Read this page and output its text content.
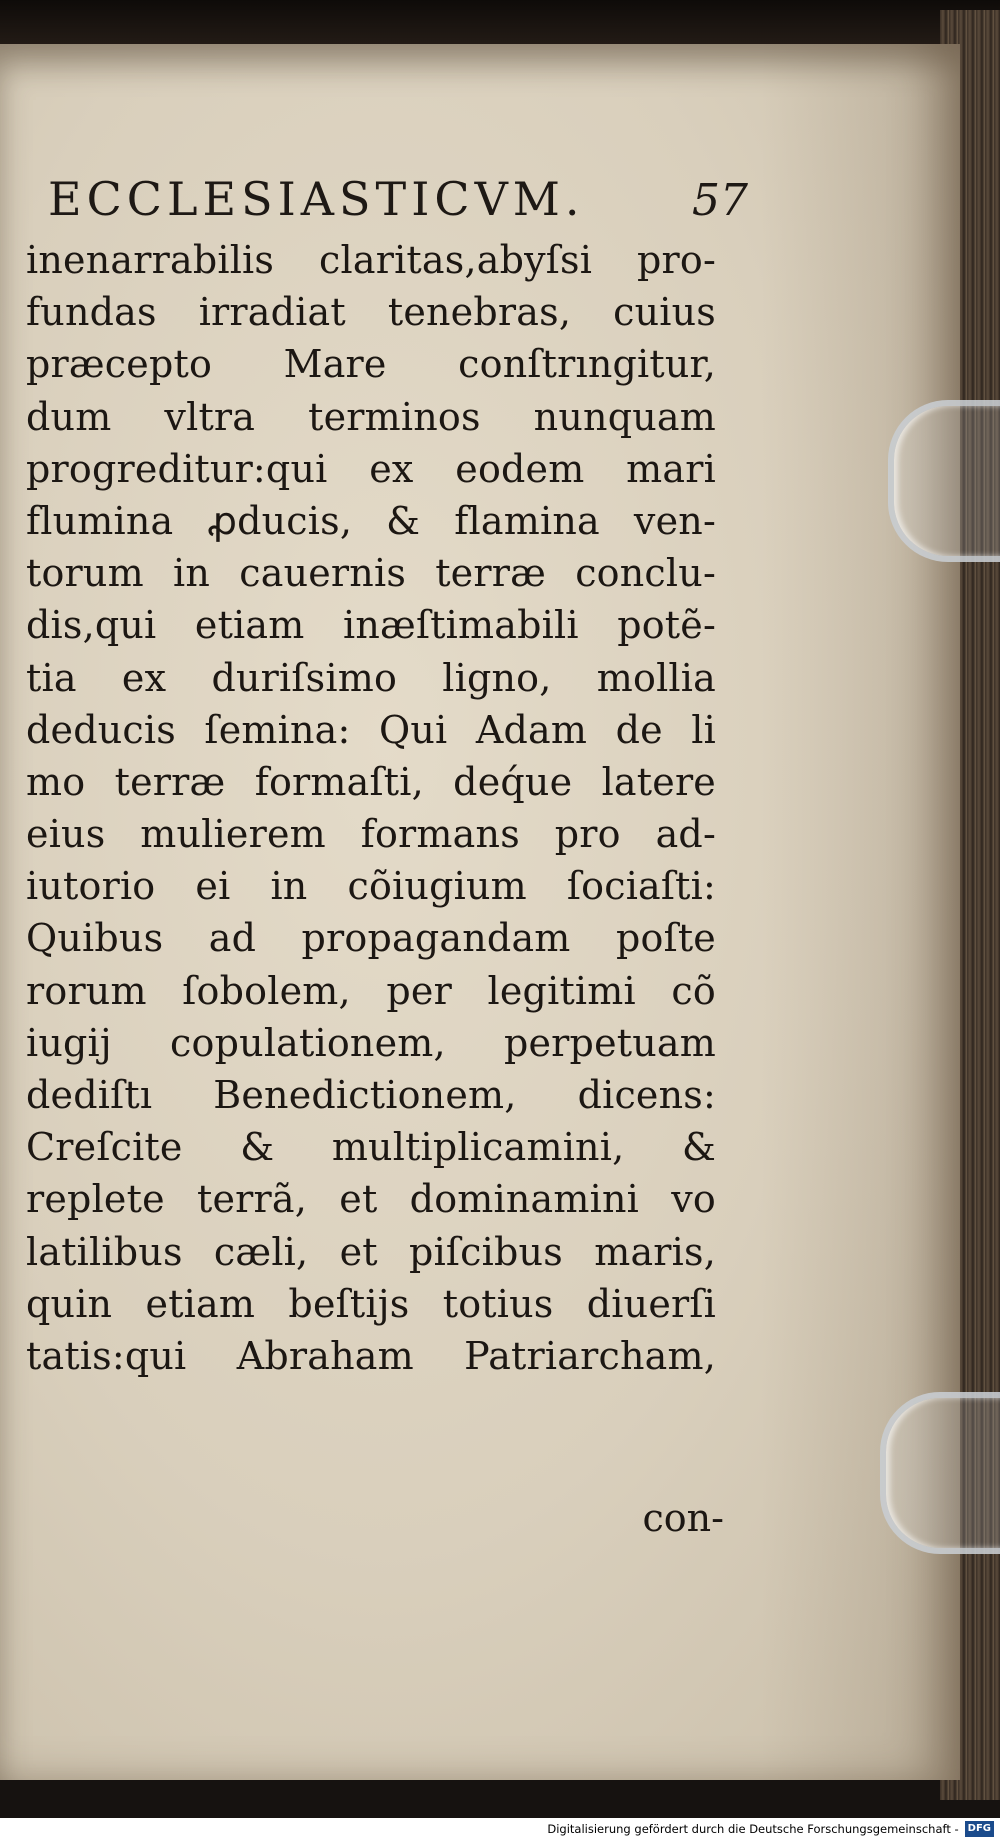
ECCLESIASTICVM. 57
inenarrabilis claritas,abyſsi pro-
fundas irradiat tenebras, cuius
præcepto Mare conſtrıngitur,
dum vltra terminos nunquam
progreditur:qui ex eodem mari
flumina ꝓducis, & flamina ven-
torum in cauernis terræ conclu-
dis,qui etiam inæſtimabili potẽ-
tia ex duriſsimo ligno, mollia
deducis ſemina: Qui Adam de li
mo terræ formaſti, deq́ue latere
eius mulierem formans pro ad-
iutorio ei in cõiugium ſociaſti:
Quibus ad propagandam poſte
rorum ſobolem, per legitimi cõ
iugij copulationem, perpetuam
dediſtı Benedictionem, dicens:
Creſcite & multiplicamini, &
replete terrã, et dominamini vo
latilibus cæli, et piſcibus maris,
quin etiam beſtijs totius diuerſi
tatis:qui Abraham Patriarcham,
con-
Digitalisierung gefördert durch die Deutsche Forschungsgemeinschaft - DFG
